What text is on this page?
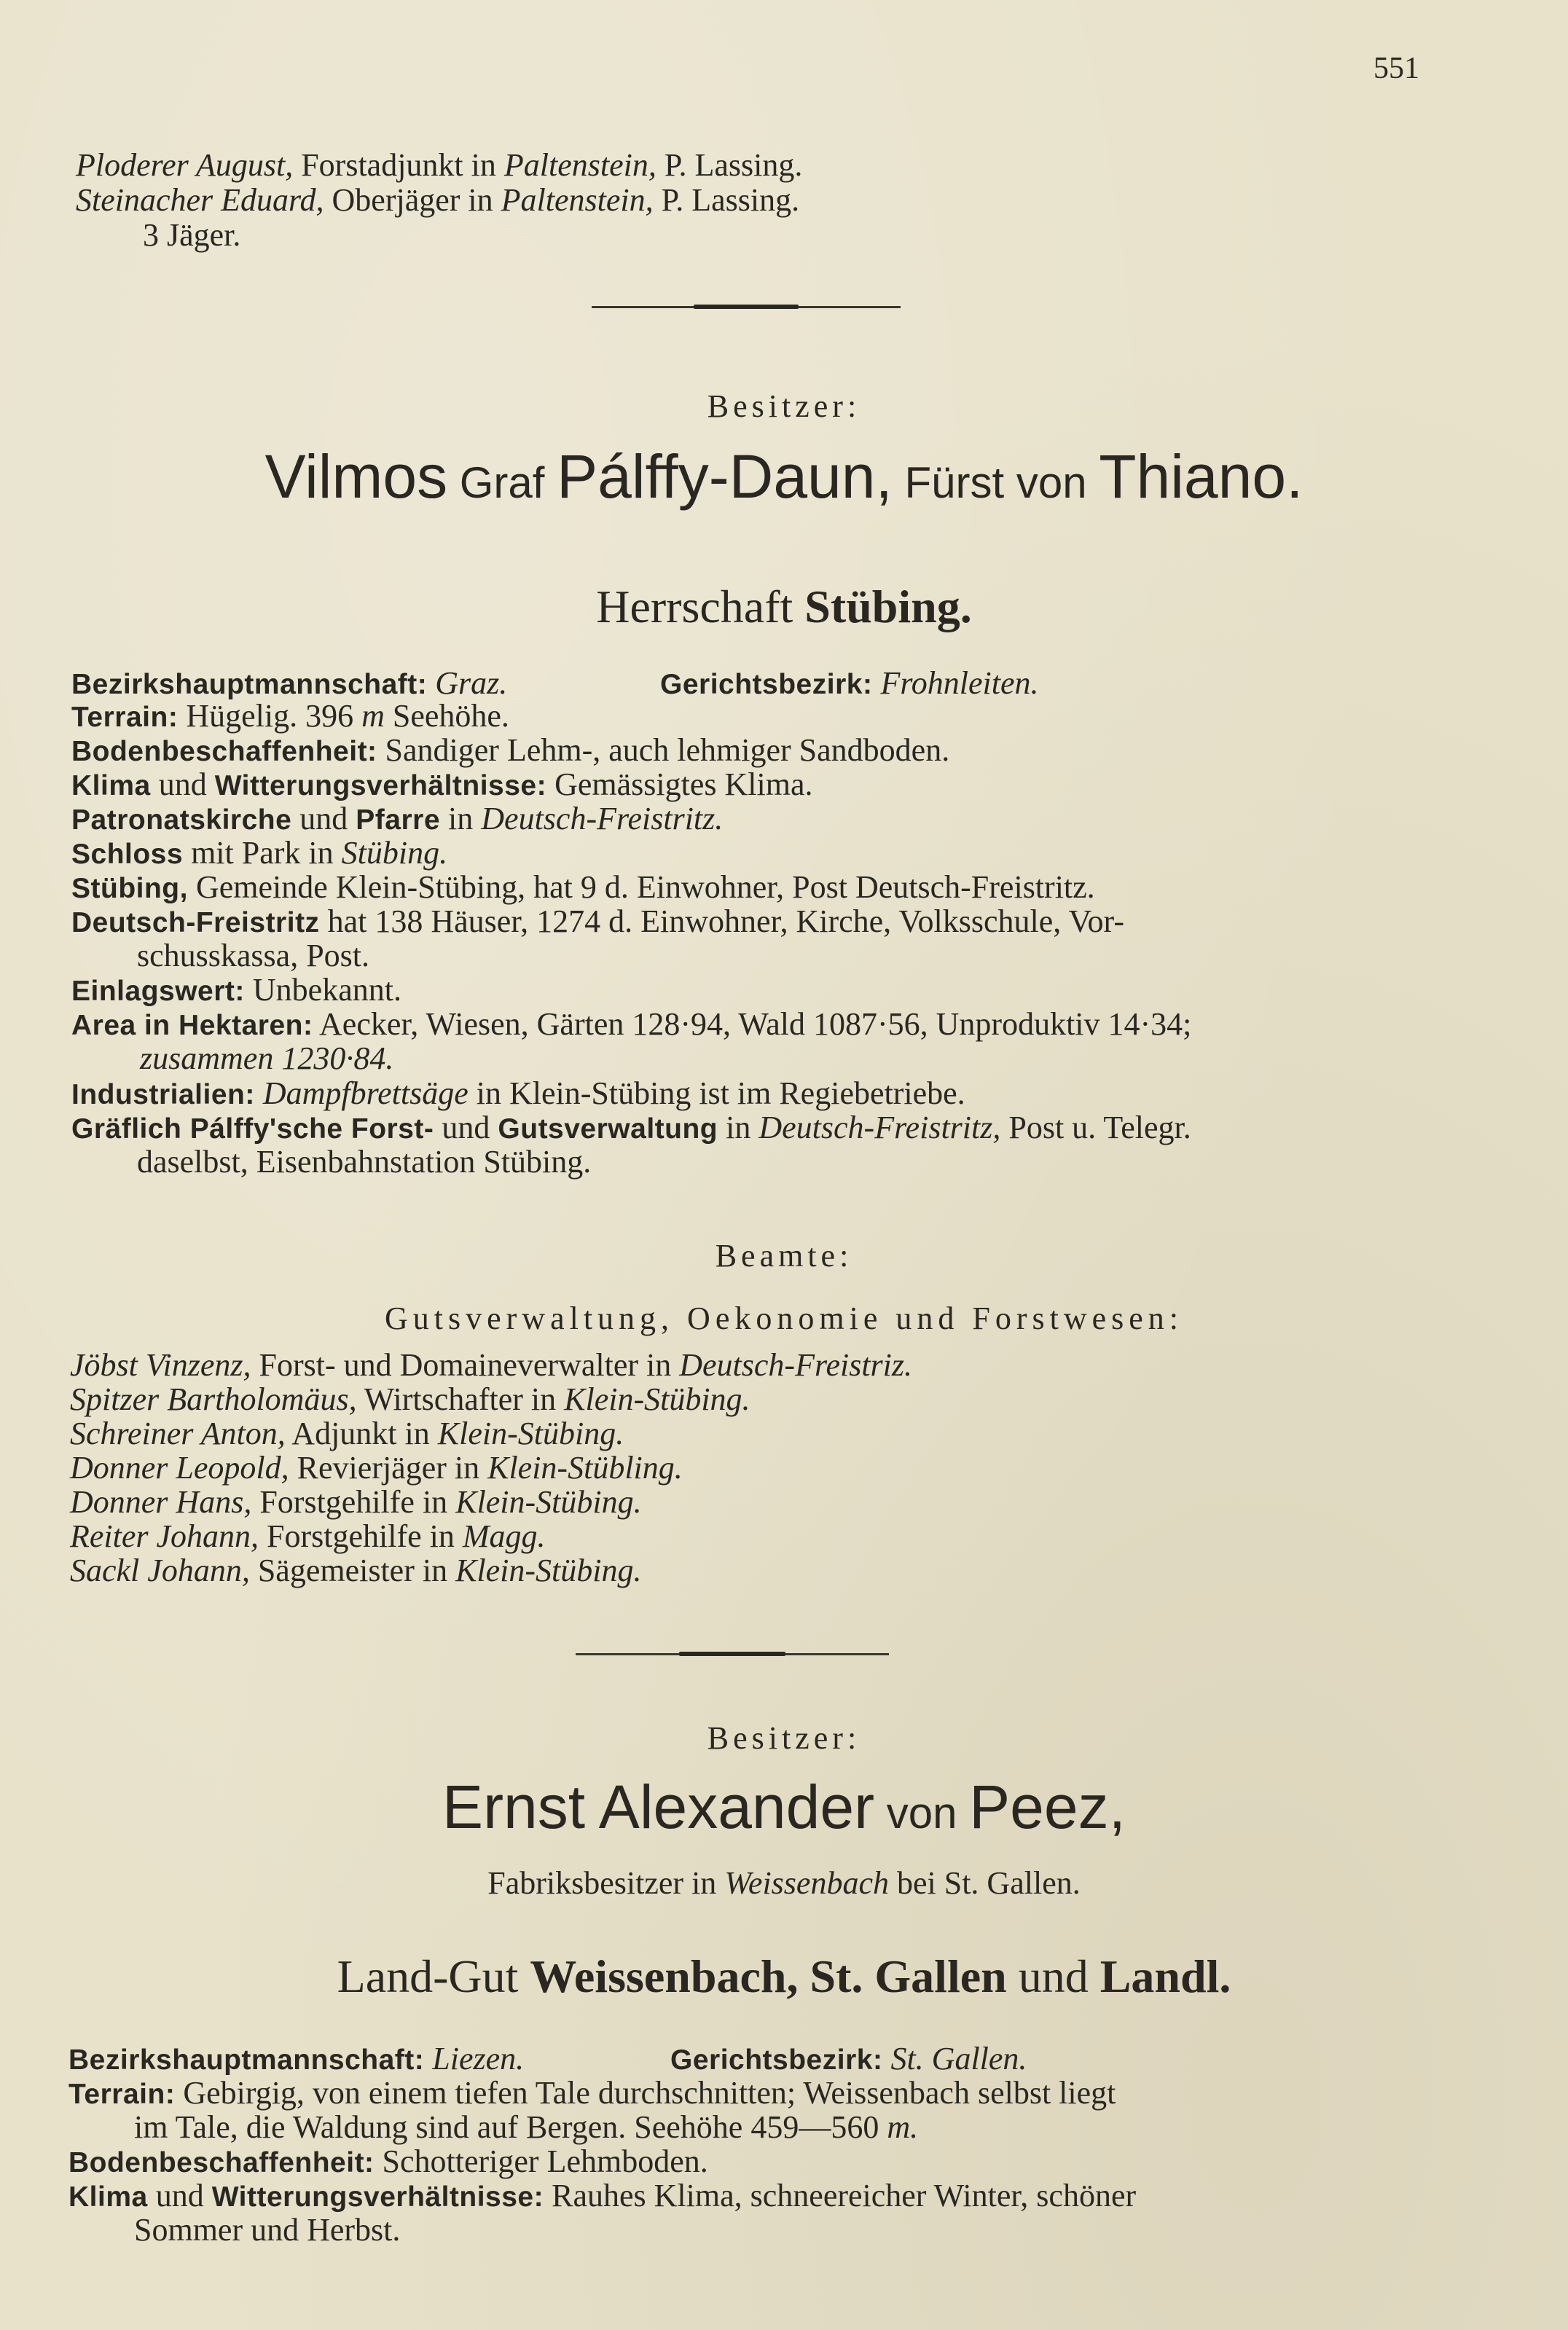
551
Ploderer August, Forstadjunkt in Paltenstein, P. Lassing.
Steinacher Eduard, Oberjäger in Paltenstein, P. Lassing.
3 Jäger.
Besitzer:
Vilmos Graf Pálffy-Daun, Fürst von Thiano.
Herrschaft Stübing.
Bezirkshauptmannschaft: Graz.	Gerichtsbezirk: Frohnleiten.
Terrain: Hügelig. 396 m Seehöhe.
Bodenbeschaffenheit: Sandiger Lehm-, auch lehmiger Sandboden.
Klima und Witterungsverhältnisse: Gemässigtes Klima.
Patronatskirche und Pfarre in Deutsch-Freistritz.
Schloss mit Park in Stübing.
Stübing, Gemeinde Klein-Stübing, hat 9 d. Einwohner, Post Deutsch-Freistritz.
Deutsch-Freistritz hat 138 Häuser, 1274 d. Einwohner, Kirche, Volksschule, Vor-
schusskassa, Post.
Einlagswert: Unbekannt.
Area in Hektaren: Aecker, Wiesen, Gärten 128·94, Wald 1087·56, Unproduktiv 14·34;
zusammen 1230·84.
Industrialien: Dampfbrettsäge in Klein-Stübing ist im Regiebetriebe.
Gräflich Pálffy'sche Forst- und Gutsverwaltung in Deutsch-Freistritz, Post u. Telegr.
daselbst, Eisenbahnstation Stübing.
Beamte:
Gutsverwaltung, Oekonomie und Forstwesen:
Jöbst Vinzenz, Forst- und Domaineverwalter in Deutsch-Freistriz.
Spitzer Bartholomäus, Wirtschafter in Klein-Stübing.
Schreiner Anton, Adjunkt in Klein-Stübing.
Donner Leopold, Revierjäger in Klein-Stübling.
Donner Hans, Forstgehilfe in Klein-Stübing.
Reiter Johann, Forstgehilfe in Magg.
Sackl Johann, Sägemeister in Klein-Stübing.
Besitzer:
Ernst Alexander von Peez,
Fabriksbesitzer in Weissenbach bei St. Gallen.
Land-Gut Weissenbach, St. Gallen und Landl.
Bezirkshauptmannschaft: Liezen.	Gerichtsbezirk: St. Gallen.
Terrain: Gebirgig, von einem tiefen Tale durchschnitten; Weissenbach selbst liegt
im Tale, die Waldung sind auf Bergen. Seehöhe 459—560 m.
Bodenbeschaffenheit: Schotteriger Lehmboden.
Klima und Witterungsverhältnisse: Rauhes Klima, schneereicher Winter, schöner
Sommer und Herbst.
